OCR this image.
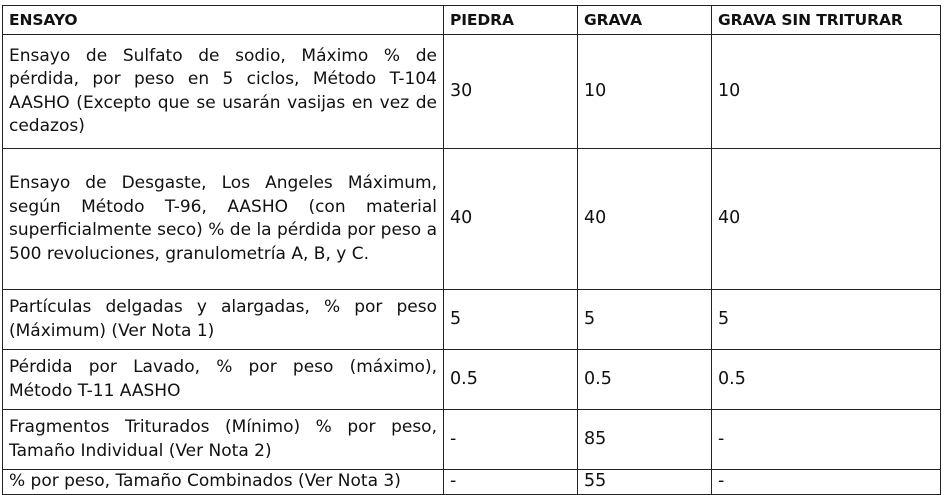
ENSAYO	PIEDRA	GRAVA	GRAVA SIN TRITURAR
Ensayo de Sulfato de sodio, Máximo % de pérdida, por peso en 5 ciclos, Método T-104 AASHO (Excepto que se usarán vasijas en vez de cedazos)	30	10	10
Ensayo de Desgaste, Los Angeles Máximum, según Método T-96, AASHO (con material superficialmente seco) % de la pérdida por peso a 500 revoluciones, granulometría A, B, y C.	40	40	40
Partículas delgadas y alargadas, % por peso (Máximum) (Ver Nota 1)	5	5	5
Pérdida por Lavado, % por peso (máximo), Método T-11 AASHO	0.5	0.5	0.5
Fragmentos Triturados (Mínimo) % por peso, Tamaño Individual (Ver Nota 2)	-	85	-
% por peso, Tamaño Combinados (Ver Nota 3)	-	55	-
